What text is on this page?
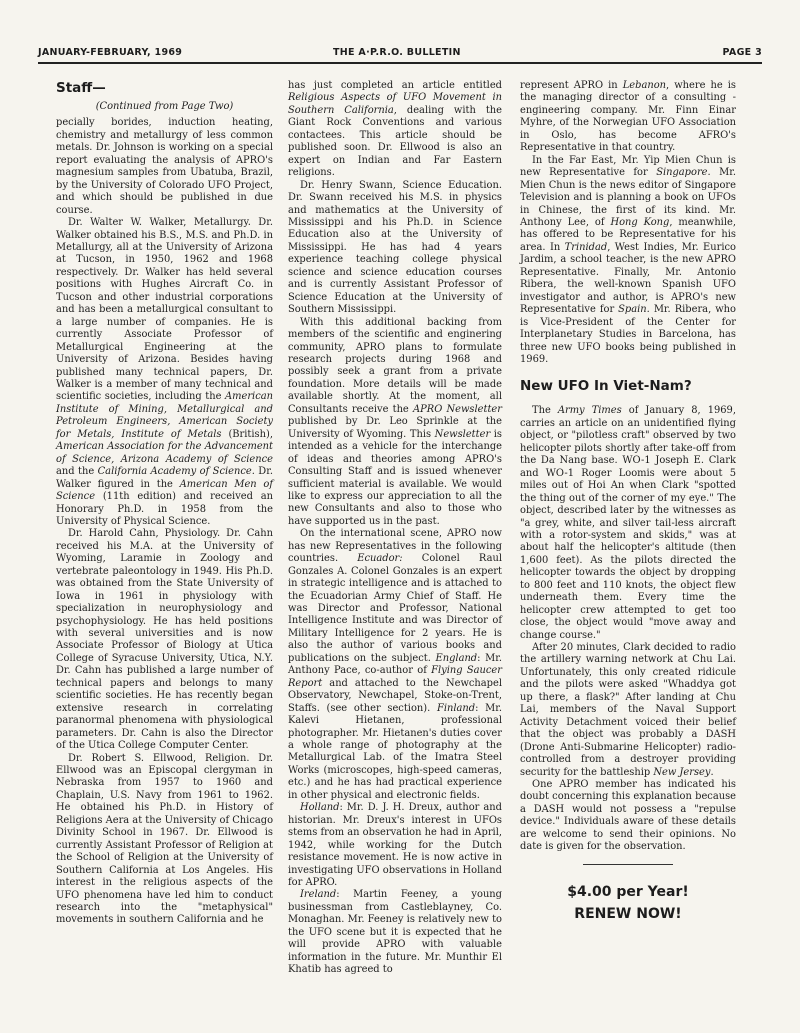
JANUARY-FEBRUARY, 1969	THE A·P.R.O. BULLETIN	PAGE 3
Staff—

(Continued from Page Two)

pecially borides, induction heating, chemistry and metallurgy of less common metals. Dr. Johnson is working on a special report evaluating the analysis of APRO's magnesium samples from Ubatuba, Brazil, by the University of Colorado UFO Project, and which should be published in due course.

Dr. Walter W. Walker, Metallurgy. Dr. Walker obtained his B.S., M.S. and Ph.D. in Metallurgy, all at the University of Arizona at Tucson, in 1950, 1962 and 1968 respectively. Dr. Walker has held several positions with Hughes Aircraft Co. in Tucson and other industrial corporations and has been a metallurgical consultant to a large number of companies. He is currently Associate Professor of Metallurgical Engineering at the University of Arizona. Besides having published many technical papers, Dr. Walker is a member of many technical and scientific societies, including the American Institute of Mining, Metallurgical and Petroleum Engineers, American Society for Metals, Institute of Metals (British), American Association for the Advancement of Science, Arizona Academy of Science and the California Academy of Science. Dr. Walker figured in the American Men of Science (11th edition) and received an Honorary Ph.D. in 1958 from the University of Physical Science.

Dr. Harold Cahn, Physiology. Dr. Cahn received his M.A. at the University of Wyoming, Laramie in Zoology and vertebrate paleontology in 1949. His Ph.D. was obtained from the State University of Iowa in 1961 in physiology with specialization in neurophysiology and psychophysiology. He has held positions with several universities and is now Associate Professor of Biology at Utica College of Syracuse University, Utica, N.Y. Dr. Cahn has published a large number of technical papers and belongs to many scientific societies. He has recently began extensive research in correlating paranormal phenomena with physiological parameters. Dr. Cahn is also the Director of the Utica College Computer Center.

Dr. Robert S. Ellwood, Religion. Dr. Ellwood was an Episcopal clergyman in Nebraska from 1957 to 1960 and Chaplain, U.S. Navy from 1961 to 1962. He obtained his Ph.D. in History of Religions Aera at the University of Chicago Divinity School in 1967. Dr. Ellwood is currently Assistant Professor of Religion at the School of Religion at the University of Southern California at Los Angeles. His interest in the religious aspects of the UFO phenomena have led him to conduct research into the "metaphysical" movements in southern California and he

has just completed an article entitled Religious Aspects of UFO Movement in Southern California, dealing with the Giant Rock Conventions and various contactees. This article should be published soon. Dr. Ellwood is also an expert on Indian and Far Eastern religions.

Dr. Henry Swann, Science Education. Dr. Swann received his M.S. in physics and mathematics at the University of Mississippi and his Ph.D. in Science Education also at the University of Mississippi. He has had 4 years experience teaching college physical science and science education courses and is currently Assistant Professor of Science Education at the University of Southern Mississippi.

With this additional backing from members of the scientific and enginering community, APRO plans to formulate research projects during 1968 and possibly seek a grant from a private foundation. More details will be made available shortly. At the moment, all Consultants receive the APRO Newsletter published by Dr. Leo Sprinkle at the University of Wyoming. This Newsletter is intended as a vehicle for the interchange of ideas and theories among APRO's Consulting Staff and is issued whenever sufficient material is available. We would like to express our appreciation to all the new Consultants and also to those who have supported us in the past.

On the international scene, APRO now has new Representatives in the following countries. Ecuador: Colonel Raul Gonzales A. Colonel Gonzales is an expert in strategic intelligence and is attached to the Ecuadorian Army Chief of Staff. He was Director and Professor, National Intelligence Institute and was Director of Military Intelligence for 2 years. He is also the author of various books and publications on the subject. England: Mr. Anthony Pace, co-author of Flying Saucer Report and attached to the Newchapel Observatory, Newchapel, Stoke-on-Trent, Staffs. (see other section). Finland: Mr. Kalevi Hietanen, professional photographer. Mr. Hietanen's duties cover a whole range of photography at the Metallurgical Lab. of the Imatra Steel Works (microscopes, high-speed cameras, etc.) and he has had practical experience in other physical and electronic fields.

Holland: Mr. D. J. H. Dreux, author and historian. Mr. Dreux's interest in UFOs stems from an observation he had in April, 1942, while working for the Dutch resistance movement. He is now active in investigating UFO observations in Holland for APRO.

Ireland: Martin Feeney, a young businessman from Castleblayney, Co. Monaghan. Mr. Feeney is relatively new to the UFO scene but it is expected that he will provide APRO with valuable information in the future. Mr. Munthir El Khatib has agreed to

represent APRO in Lebanon, where he is the managing director of a consulting - engineering company. Mr. Finn Einar Myhre, of the Norwegian UFO Association in Oslo, has become AFRO's Representative in that country.

In the Far East, Mr. Yip Mien Chun is new Representative for Singapore. Mr. Mien Chun is the news editor of Singapore Television and is planning a book on UFOs in Chinese, the first of its kind. Mr. Anthony Lee, of Hong Kong, meanwhile, has offered to be Representative for his area. In Trinidad, West Indies, Mr. Eurico Jardim, a school teacher, is the new APRO Representative. Finally, Mr. Antonio Ribera, the well-known Spanish UFO investigator and author, is APRO's new Representative for Spain. Mr. Ribera, who is Vice-President of the Center for Interplanetary Studies in Barcelona, has three new UFO books being published in 1969.

New UFO In Viet-Nam?

The Army Times of January 8, 1969, carries an article on an unidentified flying object, or "pilotless craft" observed by two helicopter pilots shortly after take-off from the Da Nang base. WO-1 Joseph E. Clark and WO-1 Roger Loomis were about 5 miles out of Hoi An when Clark "spotted the thing out of the corner of my eye." The object, described later by the witnesses as "a grey, white, and silver tail-less aircraft with a rotor-system and skids," was at about half the helicopter's altitude (then 1,600 feet). As the pilots directed the helicopter towards the object by dropping to 800 feet and 110 knots, the object flew underneath them. Every time the helicopter crew attempted to get too close, the object would "move away and change course."

After 20 minutes, Clark decided to radio the artillery warning network at Chu Lai. Unfortunately, this only created ridicule and the pilots were asked "Whaddya got up there, a flask?" After landing at Chu Lai, members of the Naval Support Activity Detachment voiced their belief that the object was probably a DASH (Drone Anti-Submarine Helicopter) radio-controlled from a destroyer providing security for the battleship New Jersey.

One APRO member has indicated his doubt concerning this explanation because a DASH would not possess a "repulse device." Individuals aware of these details are welcome to send their opinions. No date is given for the observation.

$4.00 per Year!
RENEW NOW!
